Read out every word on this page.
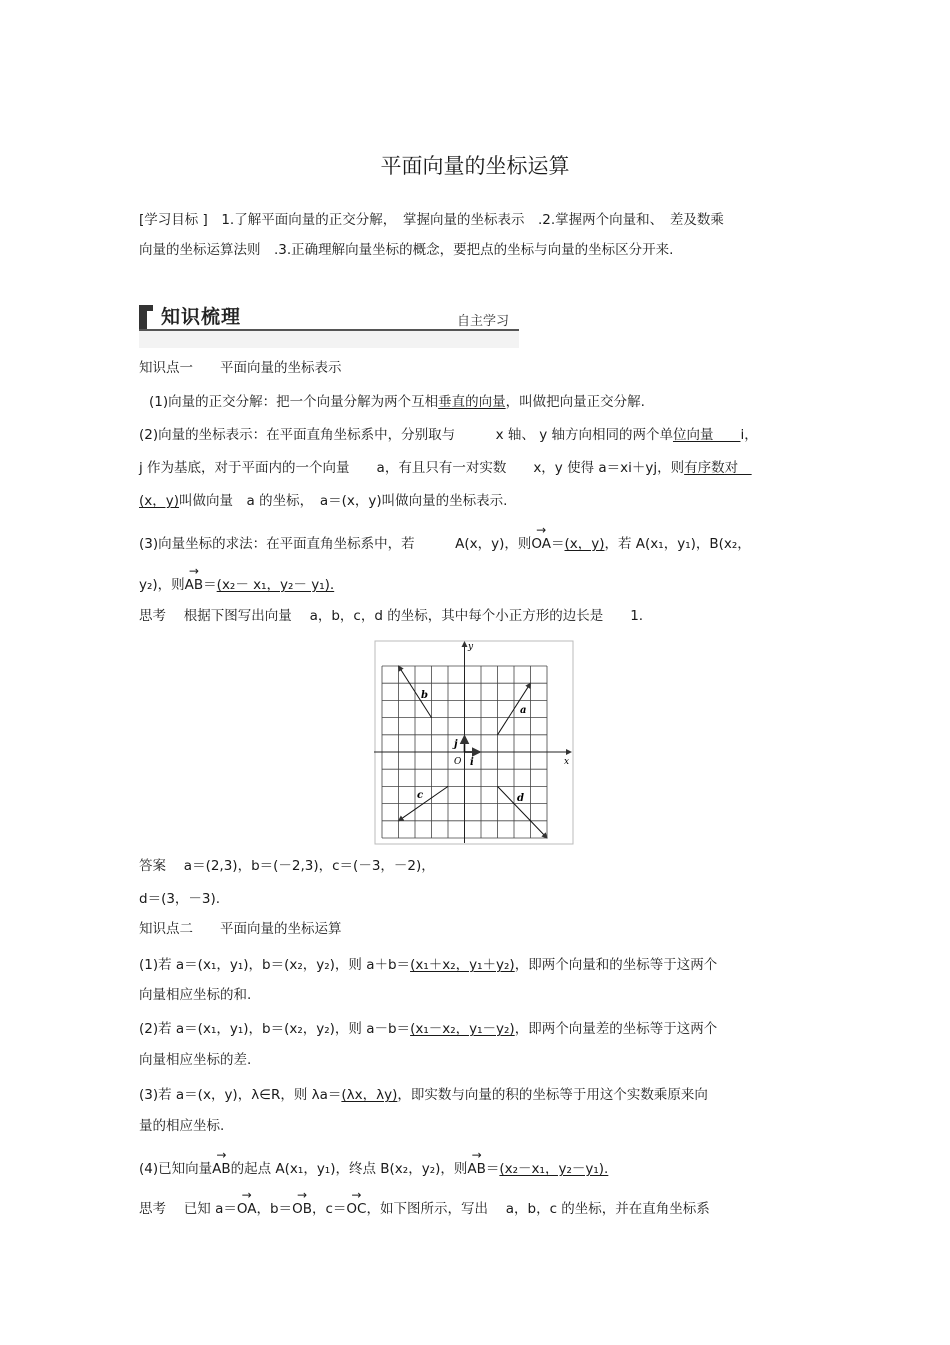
平面向量的坐标运算
[学习目标 ]　1.了解平面向量的正交分解，　掌握向量的坐标表示　.2.掌握两个向量和、　差及数乘
向量的坐标运算法则　.3.正确理解向量坐标的概念，要把点的坐标与向量的坐标区分开来.
知识梳理	自主学习
知识点一　　平面向量的坐标表示
(1)向量的正交分解：把一个向量分解为两个互相垂直的向量，叫做把向量正交分解.
(2)向量的坐标表示：在平面直角坐标系中，分别取与　　　x 轴、 y 轴方向相同的两个单位向量　　i，
j 作为基底，对于平面内的一个向量　　a，有且只有一对实数　　x，y 使得 a＝xi＋yj，则有序数对　
(x，y)叫做向量　a 的坐标，　a＝(x，y)叫做向量的坐标表示.
(3)向量坐标的求法：在平面直角坐标系中，若　　　A(x，y)，则→ OA＝(x，y)，若 A(x₁，y₁)，B(x₂，
y₂)，则→ AB＝(x₂－ x₁，y₂－ y₁).
思考　 根据下图写出向量　 a，b，c，d 的坐标，其中每个小正方形的边长是　　1.
y
x
O i
j
a
b
c	d
答案　 a＝(2,3)，b＝(－2,3)，c＝(－3，－2)，
d＝(3，－3).
知识点二　　平面向量的坐标运算
(1)若 a＝(x₁，y₁)，b＝(x₂，y₂)，则 a＋b＝(x₁＋x₂，y₁＋y₂)，即两个向量和的坐标等于这两个
向量相应坐标的和.
(2)若 a＝(x₁，y₁)，b＝(x₂，y₂)，则 a－b＝(x₁－x₂，y₁－y₂)，即两个向量差的坐标等于这两个
向量相应坐标的差.
(3)若 a＝(x，y)，λ∈R，则 λa＝(λx，λy)，即实数与向量的积的坐标等于用这个实数乘原来向
量的相应坐标.
(4)已知向量→ AB的起点 A(x₁，y₁)，终点 B(x₂，y₂)，则→ AB＝(x₂－x₁，y₂－y₁).
思考　 已知 a＝→ OA，b＝→ OB，c＝→ OC，如下图所示，写出　 a，b，c 的坐标，并在直角坐标系
